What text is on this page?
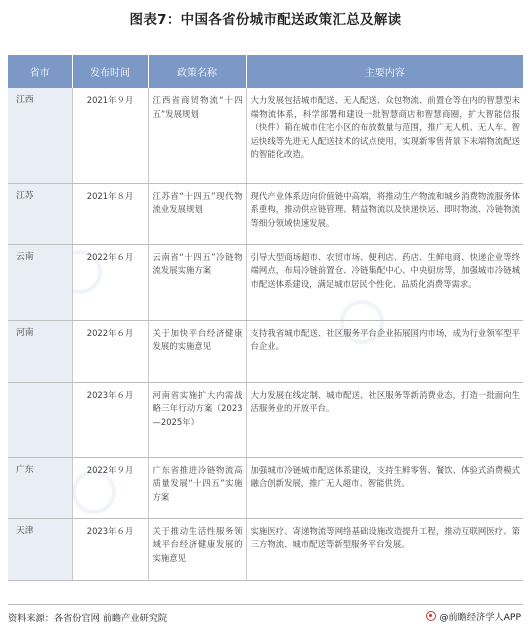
图表7：中国各省份城市配送政策汇总及解读
省市	发布时间	政策名称	主要内容
江西	2021年９月	江西省商贸物流“十四五”发展规划	大力发展包括城市配送、无人配送、众包物流、前置仓等在内的智慧型末端物流体系，科学部署和建设一批智慧商店和智慧商圈，扩大智能信报（快件）箱在城市住宅小区的布放数量与范围，推广无人机、无人车、智运快线等先进无人配送技术的试点使用，实现新零售背景下末端物流配送的智能化改造。
江苏	2021年８月	江苏省“十四五”现代物流业发展规划	现代产业体系迈向价值链中高端，将推动生产物流和城乡消费物流服务体系重构，推动供应链管理、精益物流以及快递快运、即时物流、冷链物流等细分领域快速发展。
云南	2022年６月	云南省“十四五”冷链物流发展实施方案	引导大型商场超市、农贸市场、便利店、药店、生鲜电商、快递企业等终端网点，布局冷链前置仓、冷链集配中心、中央厨房等，加强城市冷链城市配送体系建设，满足城市居民个性化、品质化消费等需求。
河南	2022年６月	关于加快平台经济健康发展的实施意见	支持我省城市配送、社区服务平台企业拓展国内市场，成为行业领军型平台企业。
	2023年６月	河南省实施扩大内需战略三年行动方案（2023—2025年）	大力发展在线定制、城市配送、社区服务等新消费业态，打造一批面向生活服务业的开放平台。
广东	2022年９月	广东省推进冷链物流高质量发展“十四五”实施方案	加强城市冷链城市配送体系建设，支持生鲜零售、餐饮、体验式消费模式融合创新发展，推广无人超市、智能供货。
天津	2023年６月	关于推动生活性服务领域平台经济健康发展的实施意见	实施医疗、寄递物流等网络基础设施改造提升工程，推动互联网医疗、第三方物流、城市配送等新型服务平台发展。
资料来源：各省份官网 前瞻产业研究院	@前瞻经济学人APP
